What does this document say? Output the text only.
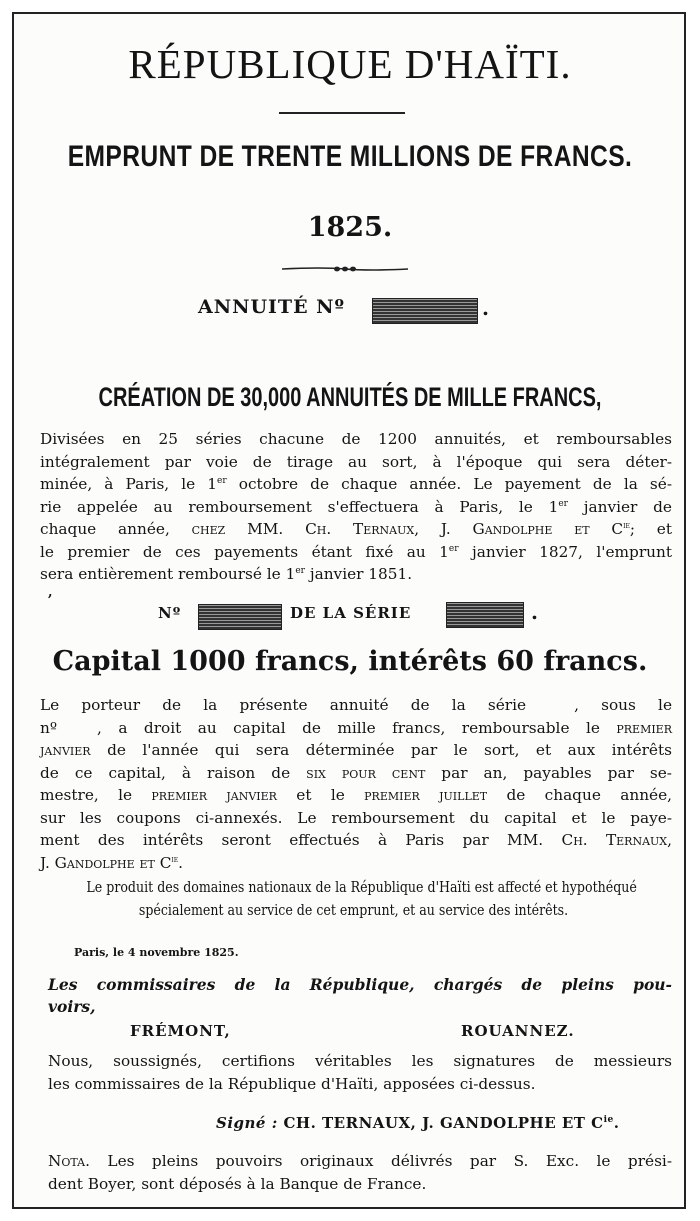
RÉPUBLIQUE D'HAÏTI.
EMPRUNT DE TRENTE MILLIONS DE FRANCS.
1825.
ANNUITÉ Nº	.
CRÉATION DE 30,000 ANNUITÉS DE MILLE FRANCS,
Divisées en 25 séries chacune de 1200 annuités, et remboursables
intégralement par voie de tirage au sort, à l'époque qui sera déter-
minée, à Paris, le 1er octobre de chaque année. Le payement de la sé-
rie appelée au remboursement s'effectuera à Paris, le 1er janvier de
chaque année, chez MM. Ch. Ternaux, J. Gandolphe et $C^{ie}$; et
le premier de ces payements étant fixé au 1er janvier 1827, l'emprunt
sera entièrement remboursé le 1er janvier 1851.
,
Nº	DE LA SÉRIE	.
Capital 1000 francs, intérêts 60 francs.
Le porteur de la présente annuité de la série	, sous le
nº	, a droit au capital de mille francs, remboursable le premier
janvier de l'année qui sera déterminée par le sort, et aux intérêts
de ce capital, à raison de six pour cent par an, payables par se-
mestre, le premier janvier et le premier juillet de chaque année,
sur les coupons ci-annexés. Le remboursement du capital et le paye-
ment des intérêts seront effectués à Paris par MM. Ch. Ternaux,
J. Gandolphe et $C^{ie}$.
Le produit des domaines nationaux de la République d'Haïti est affecté et hypothéqué
spécialement au service de cet emprunt, et au service des intérêts.
Paris, le 4 novembre 1825.
Les commissaires de la République, chargés de pleins pou-
voirs,
FRÉMONT,	ROUANNEZ.
Nous, soussignés, certifions véritables les signatures de messieurs
les commissaires de la République d'Haïti, apposées ci-dessus.
Signé : CH. TERNAUX, J. GANDOLPHE ET $C^{ie}$.
Nota. Les pleins pouvoirs originaux délivrés par S. Exc. le prési-
dent Boyer, sont déposés à la Banque de France.
